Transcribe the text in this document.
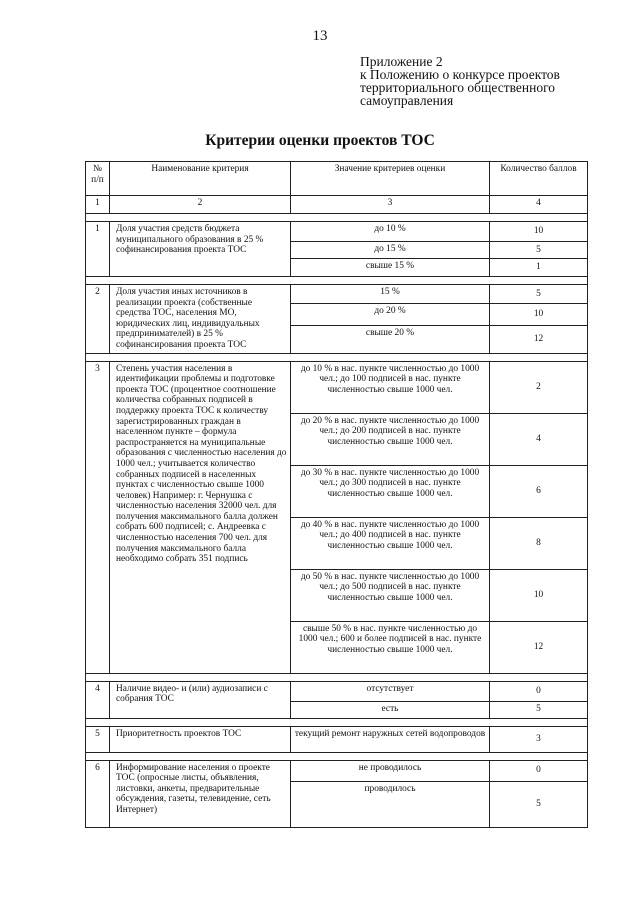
13
Приложение 2
к Положению о конкурсе проектов
территориального общественного
самоуправления
Критерии оценки проектов ТОС
№ п/п	Наименование критерия	Значение критериев оценки	Количество баллов
1	2	3	4

1	Доля участия средств бюджета муниципального образования в 25 % софинансирования проекта ТОС	до 10 %	10
		до 15 %	5
		свыше 15 %	1

2	Доля участия иных источников в реализации проекта (собственные средства ТОС, населения МО, юридических лиц, индивидуальных предпринимателей) в 25 % софинансирования проекта ТОС	15 %	5
		до 20 %	10
		свыше 20 %	12

3	Степень участия населения в идентификации проблемы и подготовке проекта ТОС (процентное соотношение количества собранных подписей в поддержку проекта ТОС к количеству зарегистрированных граждан в населенном пункте – формула распространяется на муниципальные образования с численностью населения до 1000 чел.; учитывается количество собранных подписей в населенных пунктах с численностью свыше 1000 человек) Например: г. Чернушка с численностью населения 32000 чел. для получения максимального балла должен собрать 600 подписей; с. Андреевка с численностью населения 700 чел. для получения максимального балла необходимо собрать 351 подпись	до 10 % в нас. пункте численностью до 1000 чел.; до 100 подписей в нас. пункте численностью свыше 1000 чел.	2
		до 20 % в нас. пункте численностью до 1000 чел.; до 200 подписей в нас. пункте численностью свыше 1000 чел.	4
		до 30 % в нас. пункте численностью до 1000 чел.; до 300 подписей в нас. пункте численностью свыше 1000 чел.	6
		до 40 % в нас. пункте численностью до 1000 чел.; до 400 подписей в нас. пункте численностью свыше 1000 чел.	8
		до 50 % в нас. пункте численностью до 1000 чел.; до 500 подписей в нас. пункте численностью свыше 1000 чел.	10
		свыше 50 % в нас. пункте численностью до 1000 чел.; 600 и более подписей в нас. пункте численностью свыше 1000 чел.	12

4	Наличие видео- и (или) аудиозаписи с собрания ТОС	отсутствует	0
		есть	5

5	Приоритетность проектов ТОС	текущий ремонт наружных сетей водопроводов	3

6	Информирование населения о проекте ТОС (опросные листы, объявления, листовки, анкеты, предварительные обсуждения, газеты, телевидение, сеть Интернет)	не проводилось	0
		проводилось	5
